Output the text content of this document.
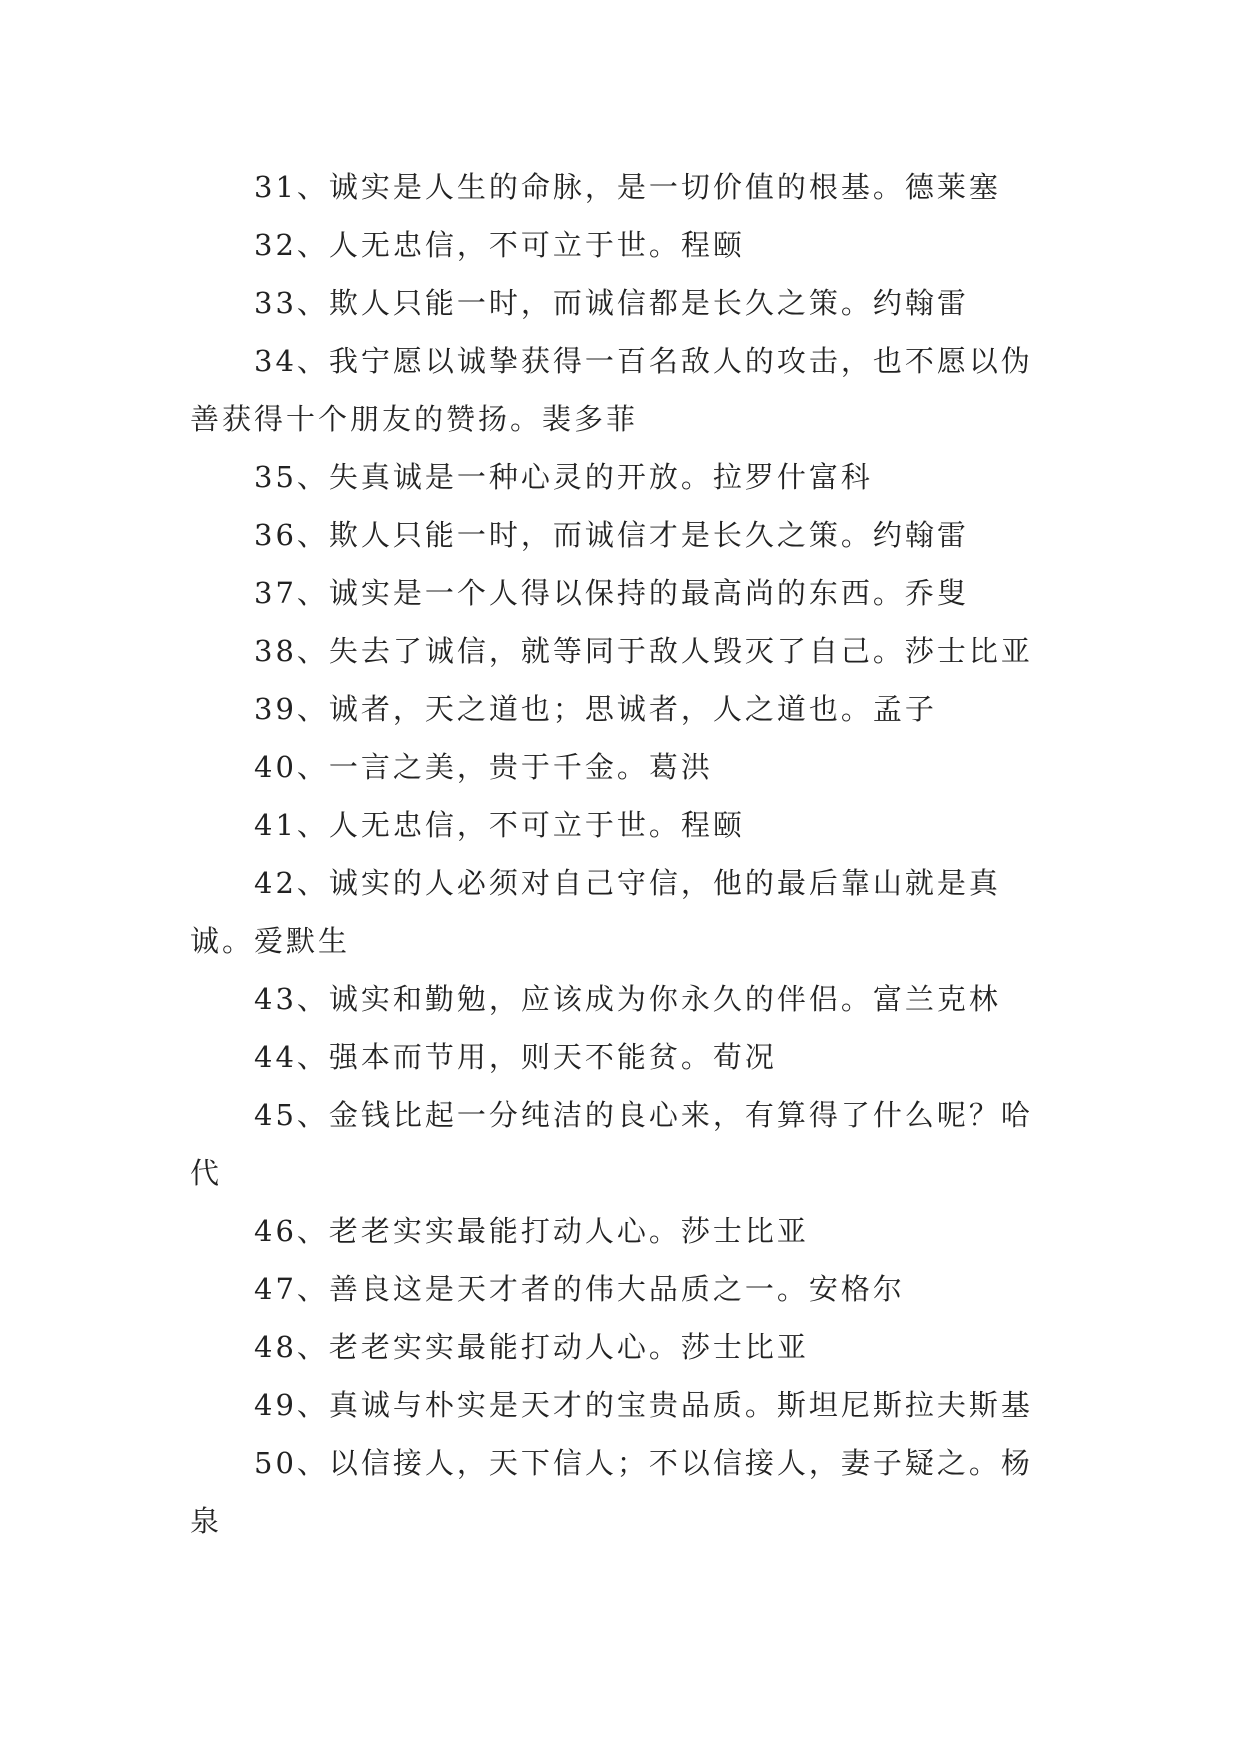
31、诚实是人生的命脉，是一切价值的根基。德莱塞

32、人无忠信，不可立于世。程颐

33、欺人只能一时，而诚信都是长久之策。约翰雷

34、我宁愿以诚挚获得一百名敌人的攻击，也不愿以伪善获得十个朋友的赞扬。裴多菲

35、失真诚是一种心灵的开放。拉罗什富科

36、欺人只能一时，而诚信才是长久之策。约翰雷

37、诚实是一个人得以保持的最高尚的东西。乔叟

38、失去了诚信，就等同于敌人毁灭了自己。莎士比亚

39、诚者，天之道也；思诚者，人之道也。孟子

40、一言之美，贵于千金。葛洪

41、人无忠信，不可立于世。程颐

42、诚实的人必须对自己守信，他的最后靠山就是真诚。爱默生

43、诚实和勤勉，应该成为你永久的伴侣。富兰克林

44、强本而节用，则天不能贫。荀况

45、金钱比起一分纯洁的良心来，有算得了什么呢？哈代

46、老老实实最能打动人心。莎士比亚

47、善良这是天才者的伟大品质之一。安格尔

48、老老实实最能打动人心。莎士比亚

49、真诚与朴实是天才的宝贵品质。斯坦尼斯拉夫斯基

50、以信接人，天下信人；不以信接人，妻子疑之。杨泉
